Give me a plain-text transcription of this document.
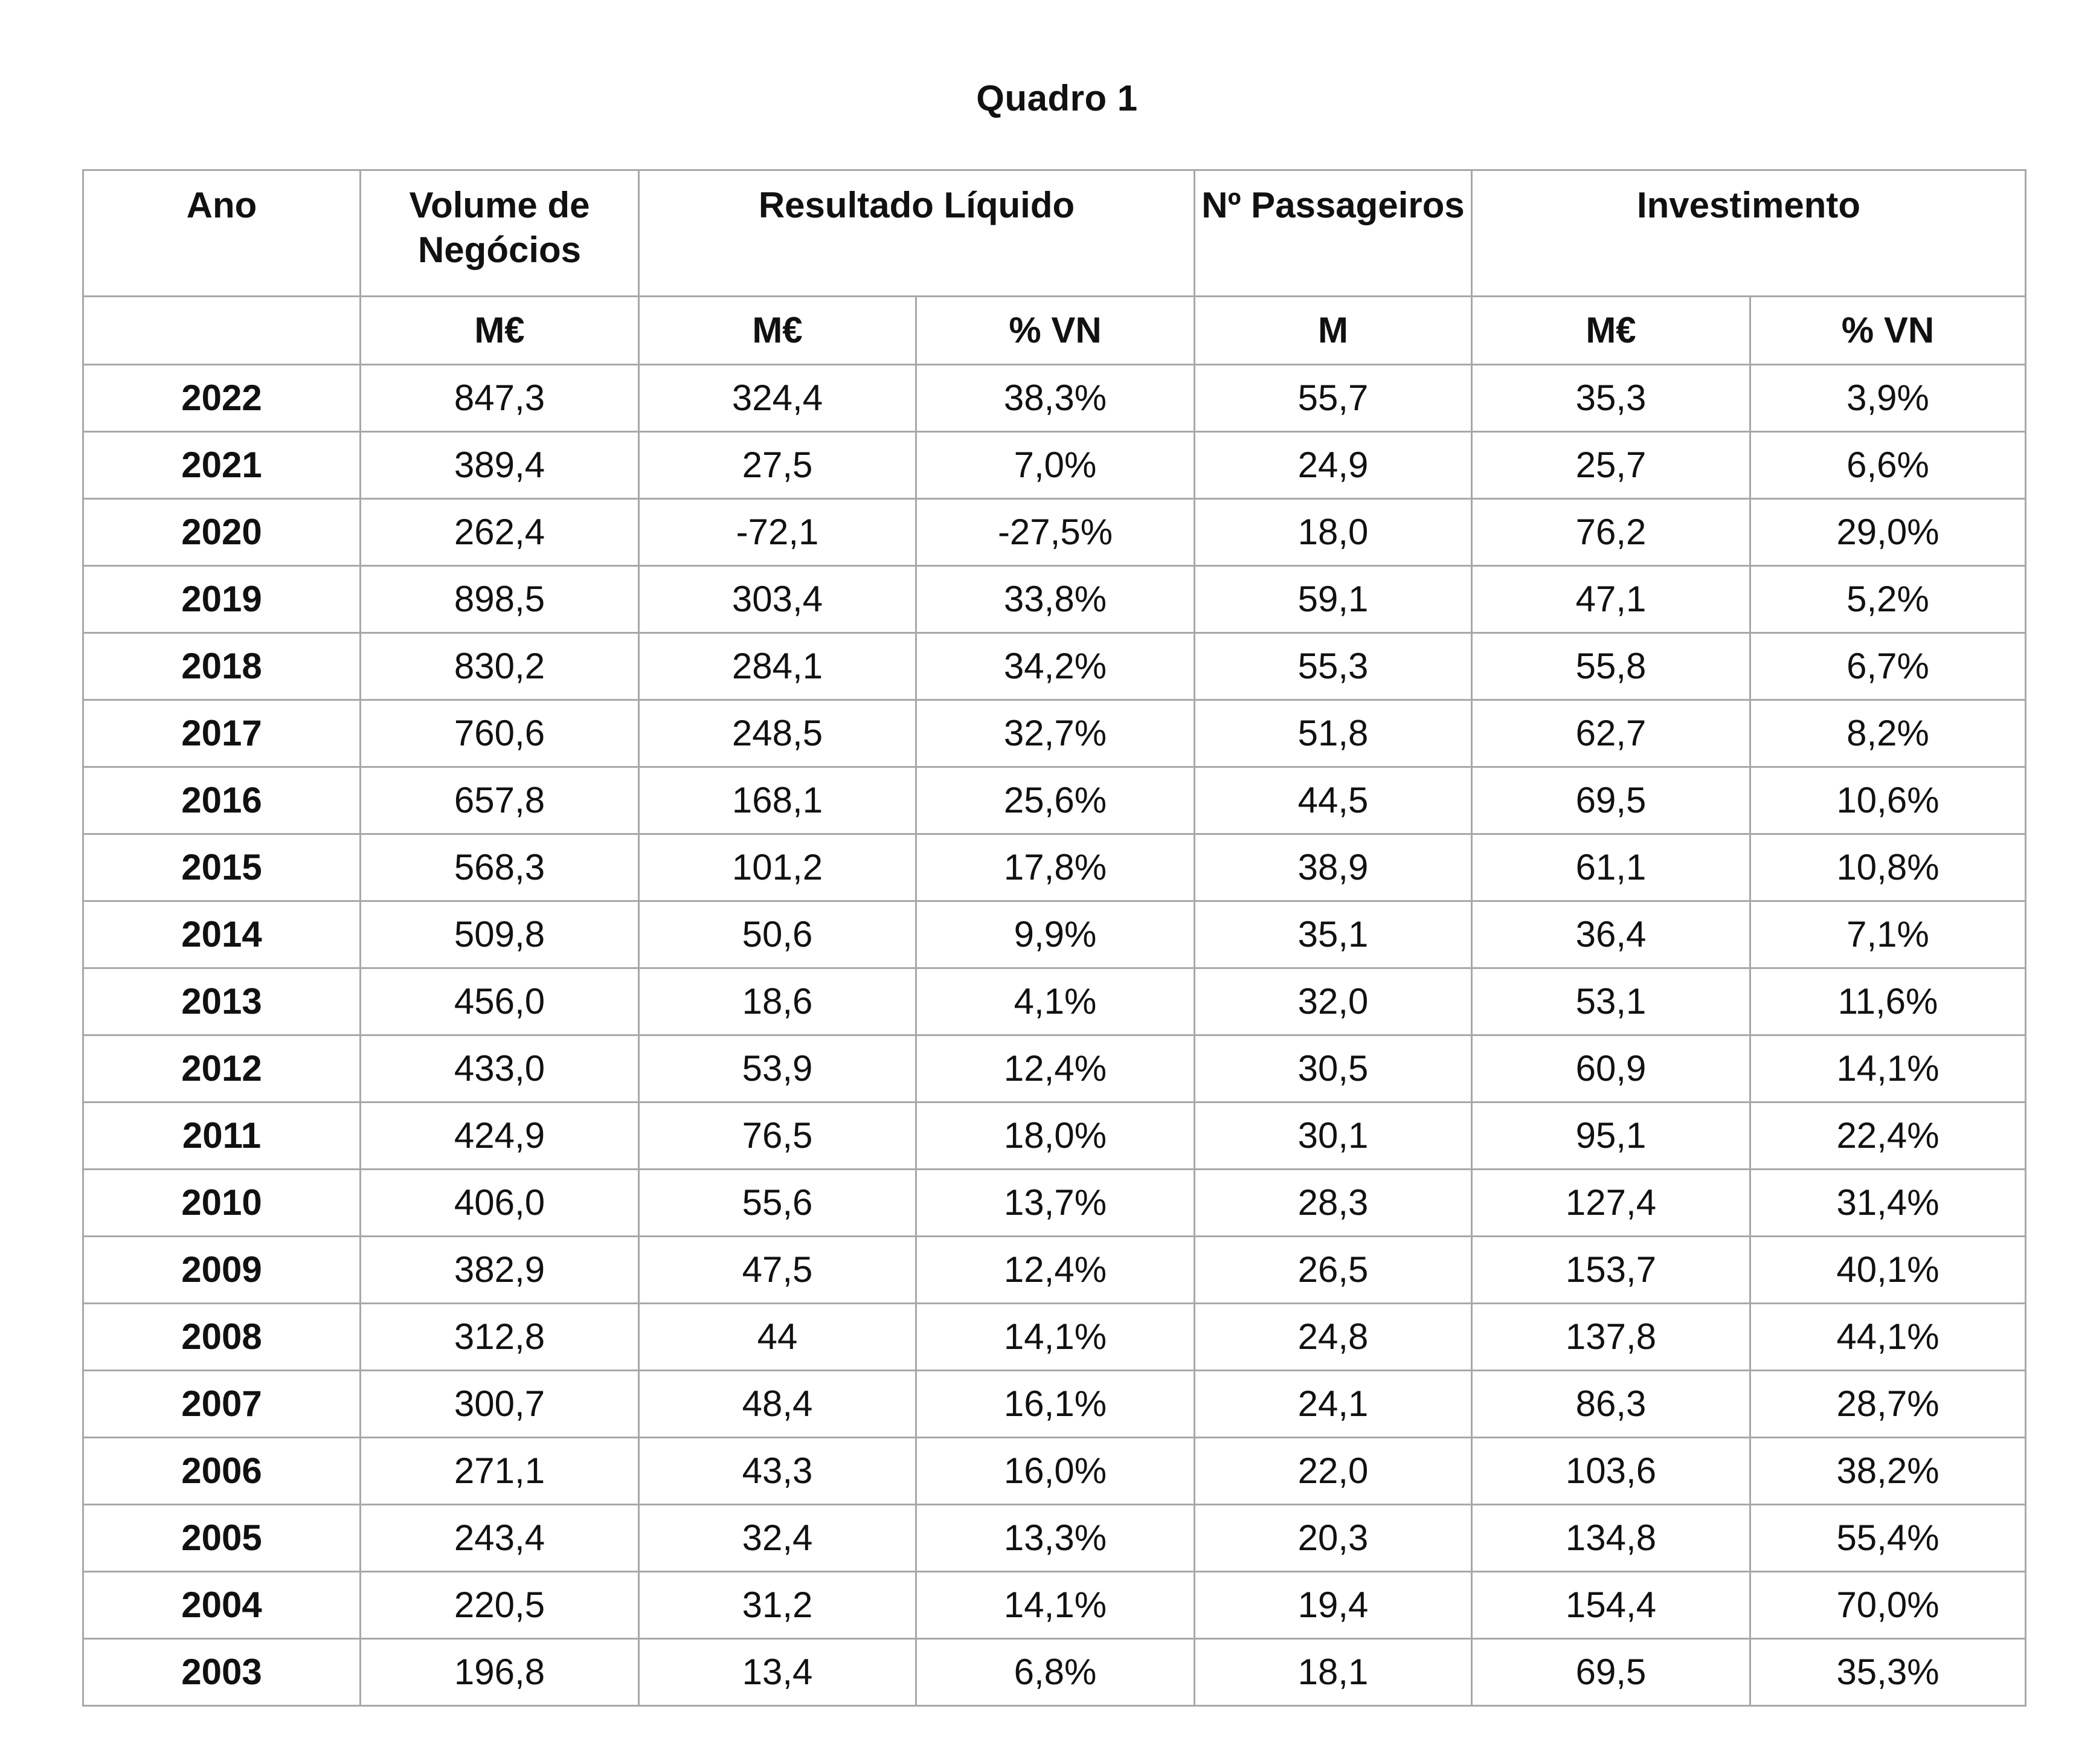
Quadro 1
Ano	Volume de Negócios	Resultado Líquido		Nº Passageiros	Investimento	
	M€	M€	% VN	M	M€	% VN
2022	847,3	324,4	38,3%	55,7	35,3	3,9%
2021	389,4	27,5	7,0%	24,9	25,7	6,6%
2020	262,4	-72,1	-27,5%	18,0	76,2	29,0%
2019	898,5	303,4	33,8%	59,1	47,1	5,2%
2018	830,2	284,1	34,2%	55,3	55,8	6,7%
2017	760,6	248,5	32,7%	51,8	62,7	8,2%
2016	657,8	168,1	25,6%	44,5	69,5	10,6%
2015	568,3	101,2	17,8%	38,9	61,1	10,8%
2014	509,8	50,6	9,9%	35,1	36,4	7,1%
2013	456,0	18,6	4,1%	32,0	53,1	11,6%
2012	433,0	53,9	12,4%	30,5	60,9	14,1%
2011	424,9	76,5	18,0%	30,1	95,1	22,4%
2010	406,0	55,6	13,7%	28,3	127,4	31,4%
2009	382,9	47,5	12,4%	26,5	153,7	40,1%
2008	312,8	44	14,1%	24,8	137,8	44,1%
2007	300,7	48,4	16,1%	24,1	86,3	28,7%
2006	271,1	43,3	16,0%	22,0	103,6	38,2%
2005	243,4	32,4	13,3%	20,3	134,8	55,4%
2004	220,5	31,2	14,1%	19,4	154,4	70,0%
2003	196,8	13,4	6,8%	18,1	69,5	35,3%
